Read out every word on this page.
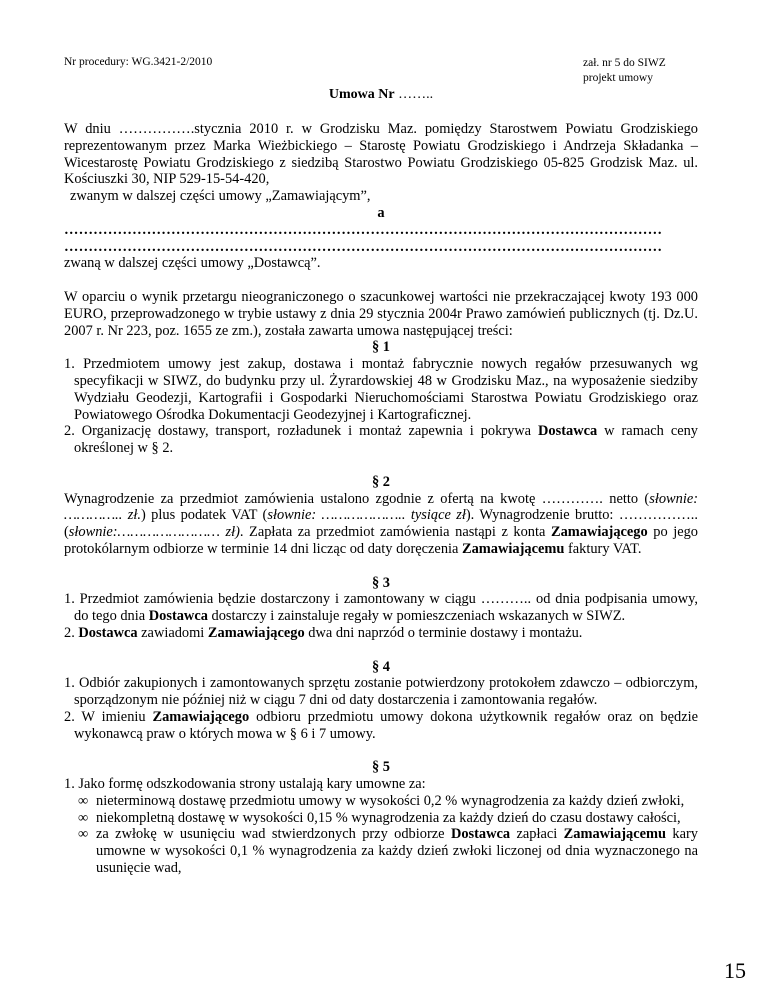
Nr procedury: WG.3421-2/2010	zał. nr 5 do SIWZ
projekt umowy
Umowa Nr ……..

W dniu …………….stycznia 2010 r. w Grodzisku Maz. pomiędzy Starostwem Powiatu Grodziskiego reprezentowanym przez Marka Wieżbickiego – Starostę Powiatu Grodziskiego i Andrzeja Składanka – Wicestarostę Powiatu Grodziskiego z siedzibą Starostwo Powiatu Grodziskiego 05-825 Grodzisk Maz. ul. Kościuszki 30, NIP 529-15-54-420,

zwanym w dalszej części umowy „Zamawiającym”,

a

……………………………………………………………………………………………………………

……………………………………………………………………………………………………………

zwaną w dalszej części umowy „Dostawcą”.

W oparciu o wynik przetargu nieograniczonego o szacunkowej wartości nie przekraczającej kwoty 193 000 EURO, przeprowadzonego w trybie ustawy z dnia 29 stycznia 2004r Prawo zamówień publicznych (tj. Dz.U. 2007 r. Nr 223, poz. 1655 ze zm.), została zawarta umowa następującej treści:

§ 1

1. Przedmiotem umowy jest zakup, dostawa i montaż fabrycznie nowych regałów przesuwanych wg specyfikacji w SIWZ, do budynku przy ul. Żyrardowskiej 48 w Grodzisku Maz., na wyposażenie siedziby Wydziału Geodezji, Kartografii i Gospodarki Nieruchomościami Starostwa Powiatu Grodziskiego oraz Powiatowego Ośrodka Dokumentacji Geodezyjnej i Kartograficznej.
2. Organizację dostawy, transport, rozładunek i montaż zapewnia i pokrywa Dostawca w ramach ceny określonej w § 2.

§ 2

Wynagrodzenie za przedmiot zamówienia ustalono zgodnie z ofertą na kwotę …………. netto (słownie: ………….. zł.) plus podatek VAT (słownie: ……………….. tysiące zł). Wynagrodzenie brutto: ……………..(słownie:…………………… zł). Zapłata za przedmiot zamówienia nastąpi z konta Zamawiającego po jego protokólarnym odbiorze w terminie 14 dni licząc od daty doręczenia Zamawiającemu faktury VAT.

§ 3

1. Przedmiot zamówienia będzie dostarczony i zamontowany w ciągu ……….. od dnia podpisania umowy, do tego dnia Dostawca dostarczy i zainstaluje regały w pomieszczeniach wskazanych w SIWZ.
2. Dostawca zawiadomi Zamawiającego dwa dni naprzód o terminie dostawy i montażu.

§ 4

1. Odbiór zakupionych i zamontowanych sprzętu zostanie potwierdzony protokołem zdawczo – odbiorczym, sporządzonym nie później niż w ciągu 7 dni od daty dostarczenia i zamontowania regałów.
2. W imieniu Zamawiającego odbioru przedmiotu umowy dokona użytkownik regałów oraz on będzie wykonawcą praw o których mowa w § 6 i 7 umowy.

§ 5

1. Jako formę odszkodowania strony ustalają kary umowne za:

∞ nieterminową dostawę przedmiotu umowy w wysokości 0,2 % wynagrodzenia za każdy dzień zwłoki,
∞ niekompletną dostawę w wysokości 0,15 % wynagrodzenia za każdy dzień do czasu dostawy całości,
∞ za zwłokę w usunięciu wad stwierdzonych przy odbiorze Dostawca zapłaci Zamawiającemu kary umowne w wysokości 0,1 % wynagrodzenia za każdy dzień zwłoki liczonej od dnia wyznaczonego na usunięcie wad,
15
